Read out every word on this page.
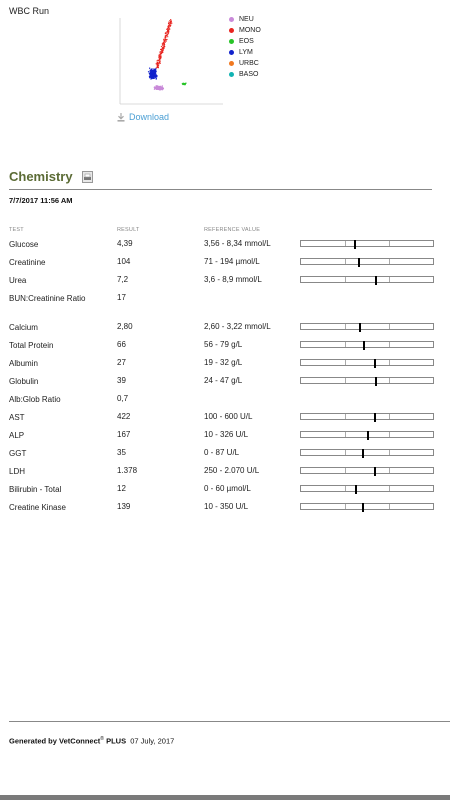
WBC Run
NEU
MONO
EOS
LYM
URBC
BASO
Download
Chemistry
7/7/2017 11:56 AM
TEST	RESULT	REFERENCE VALUE
Glucose	4,39	3,56 - 8,34 mmol/L
Creatinine	104	71 - 194 µmol/L
Urea	7,2	3,6 - 8,9 mmol/L
BUN:Creatinine Ratio	17
Calcium	2,80	2,60 - 3,22 mmol/L
Total Protein	66	56 - 79 g/L
Albumin	27	19 - 32 g/L
Globulin	39	24 - 47 g/L
Alb:Glob Ratio	0,7
AST	422	100 - 600 U/L
ALP	167	10 - 326 U/L
GGT	35	0 - 87 U/L
LDH	1.378	250 - 2.070 U/L
Bilirubin - Total	12	0 - 60 µmol/L
Creatine Kinase	139	10 - 350 U/L
Generated by VetConnect® PLUS 07 July, 2017
